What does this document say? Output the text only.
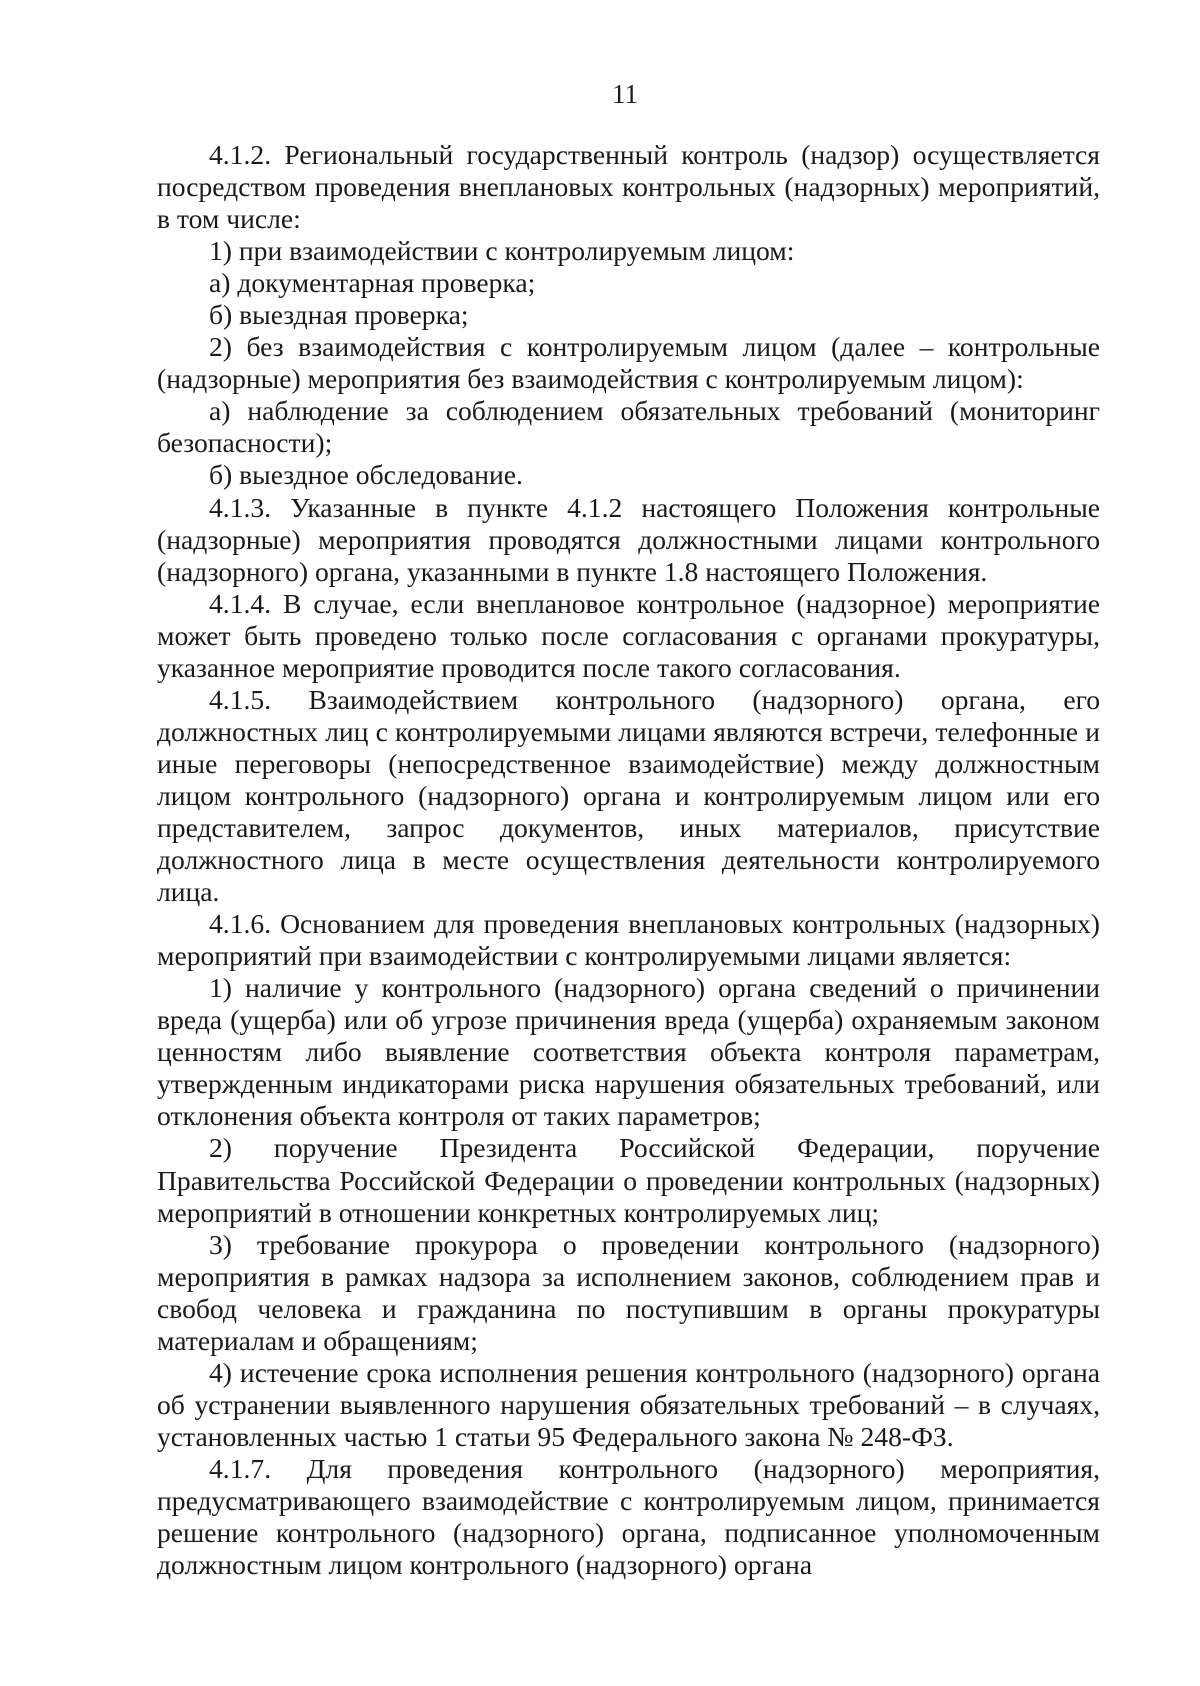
11

4.1.2. Региональный государственный контроль (надзор) осуществляется посредством проведения внеплановых контрольных (надзорных) мероприятий, в том числе:

1) при взаимодействии с контролируемым лицом:

а) документарная проверка;

б) выездная проверка;

2) без взаимодействия с контролируемым лицом (далее – контрольные (надзорные) мероприятия без взаимодействия с контролируемым лицом):

а) наблюдение за соблюдением обязательных требований (мониторинг безопасности);

б) выездное обследование.

4.1.3. Указанные в пункте 4.1.2 настоящего Положения контрольные (надзорные) мероприятия проводятся должностными лицами контрольного (надзорного) органа, указанными в пункте 1.8 настоящего Положения.

4.1.4. В случае, если внеплановое контрольное (надзорное) мероприятие может быть проведено только после согласования с органами прокуратуры, указанное мероприятие проводится после такого согласования.

4.1.5. Взаимодействием контрольного (надзорного) органа, его должностных лиц с контролируемыми лицами являются встречи, телефонные и иные переговоры (непосредственное взаимодействие) между должностным лицом контрольного (надзорного) органа и контролируемым лицом или его представителем, запрос документов, иных материалов, присутствие должностного лица в месте осуществления деятельности контролируемого лица.

4.1.6. Основанием для проведения внеплановых контрольных (надзорных) мероприятий при взаимодействии с контролируемыми лицами является:

1) наличие у контрольного (надзорного) органа сведений о причинении вреда (ущерба) или об угрозе причинения вреда (ущерба) охраняемым законом ценностям либо выявление соответствия объекта контроля параметрам, утвержденным индикаторами риска нарушения обязательных требований, или отклонения объекта контроля от таких параметров;

2) поручение Президента Российской Федерации, поручение Правительства Российской Федерации о проведении контрольных (надзорных) мероприятий в отношении конкретных контролируемых лиц;

3) требование прокурора о проведении контрольного (надзорного) мероприятия в рамках надзора за исполнением законов, соблюдением прав и свобод человека и гражданина по поступившим в органы прокуратуры материалам и обращениям;

4) истечение срока исполнения решения контрольного (надзорного) органа об устранении выявленного нарушения обязательных требований – в случаях, установленных частью 1 статьи 95 Федерального закона № 248-ФЗ.

4.1.7. Для проведения контрольного (надзорного) мероприятия, предусматривающего взаимодействие с контролируемым лицом, принимается решение контрольного (надзорного) органа, подписанное уполномоченным должностным лицом контрольного (надзорного) органа
